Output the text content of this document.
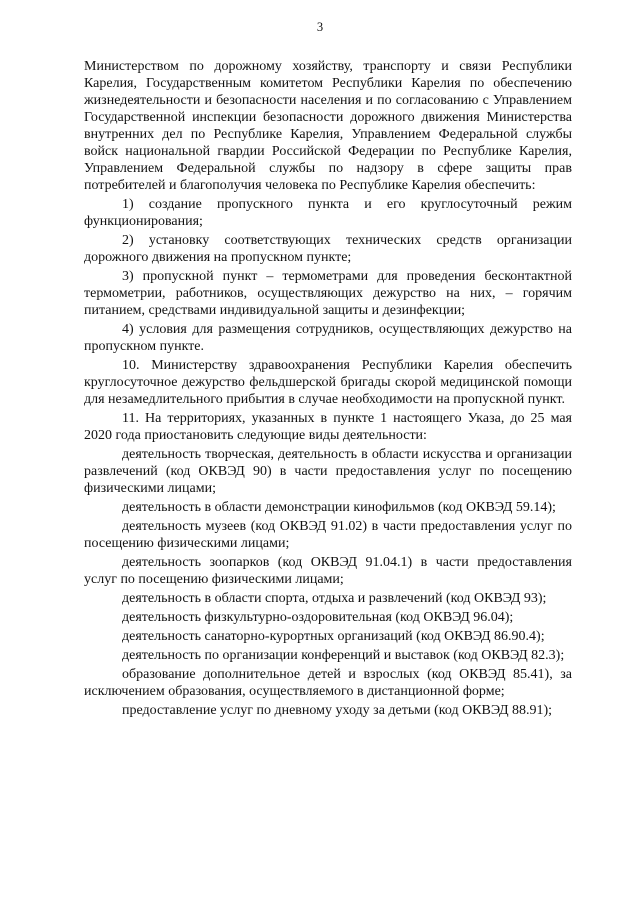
3

Министерством по дорожному хозяйству, транспорту и связи Республики Карелия, Государственным комитетом Республики Карелия по обеспечению жизнедеятельности и безопасности населения и по согласованию с Управлением Государственной инспекции безопасности дорожного движения Министерства внутренних дел по Республике Карелия, Управлением Федеральной службы войск национальной гвардии Российской Федерации по Республике Карелия, Управлением Федеральной службы по надзору в сфере защиты прав потребителей и благополучия человека по Республике Карелия обеспечить:

1) создание пропускного пункта и его круглосуточный режим функционирования;

2) установку соответствующих технических средств организации дорожного движения на пропускном пункте;

3) пропускной пункт – термометрами для проведения бесконтактной термометрии, работников, осуществляющих дежурство на них, – горячим питанием, средствами индивидуальной защиты и дезинфекции;

4) условия для размещения сотрудников, осуществляющих дежурство на пропускном пункте.

10. Министерству здравоохранения Республики Карелия обеспечить круглосуточное дежурство фельдшерской бригады скорой медицинской помощи для незамедлительного прибытия в случае необходимости на пропускной пункт.

11. На территориях, указанных в пункте 1 настоящего Указа, до 25 мая 2020 года приостановить следующие виды деятельности:

деятельность творческая, деятельность в области искусства и организации развлечений (код ОКВЭД 90) в части предоставления услуг по посещению физическими лицами;

деятельность в области демонстрации кинофильмов (код ОКВЭД 59.14);

деятельность музеев (код ОКВЭД 91.02) в части предоставления услуг по посещению физическими лицами;

деятельность зоопарков (код ОКВЭД 91.04.1) в части предоставления услуг по посещению физическими лицами;

деятельность в области спорта, отдыха и развлечений (код ОКВЭД 93);

деятельность физкультурно-оздоровительная (код ОКВЭД 96.04);

деятельность санаторно-курортных организаций (код ОКВЭД 86.90.4);

деятельность по организации конференций и выставок (код ОКВЭД 82.3);

образование дополнительное детей и взрослых (код ОКВЭД 85.41), за исключением образования, осуществляемого в дистанционной форме;

предоставление услуг по дневному уходу за детьми (код ОКВЭД 88.91);
